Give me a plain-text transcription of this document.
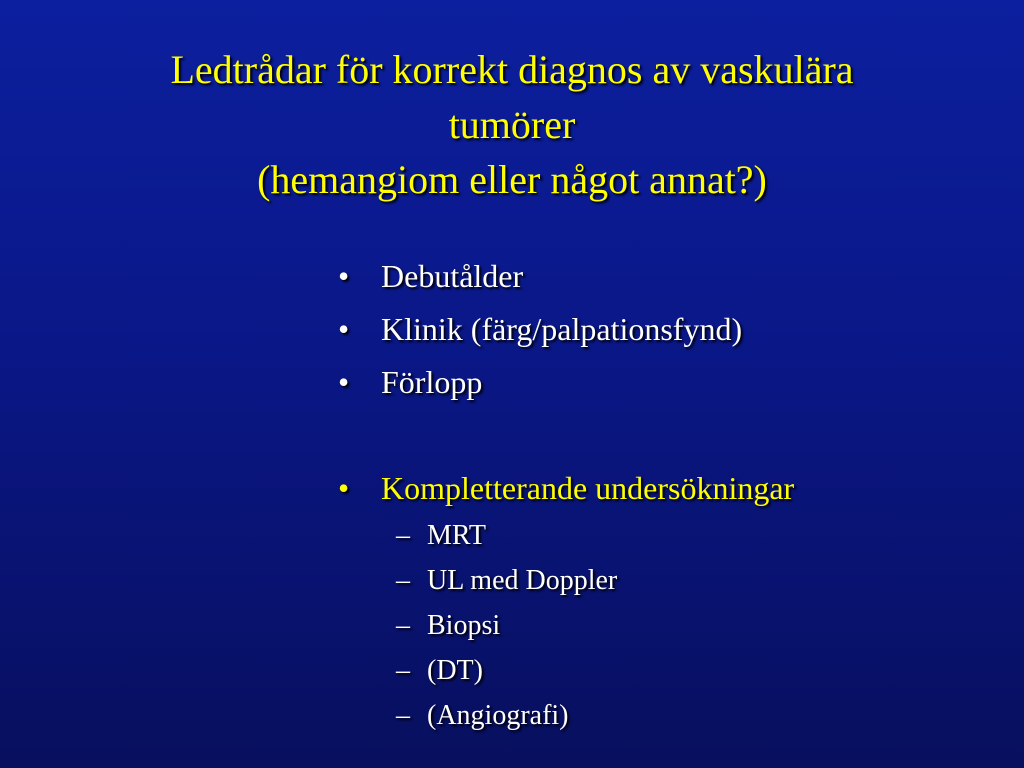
Ledtrådar för korrekt diagnos av vaskulära
tumörer
(hemangiom eller något annat?)
• Debutålder
• Klinik (färg/palpationsfynd)
• Förlopp
• Kompletterande undersökningar
– MRT
– UL med Doppler
– Biopsi
– (DT)
– (Angiografi)
